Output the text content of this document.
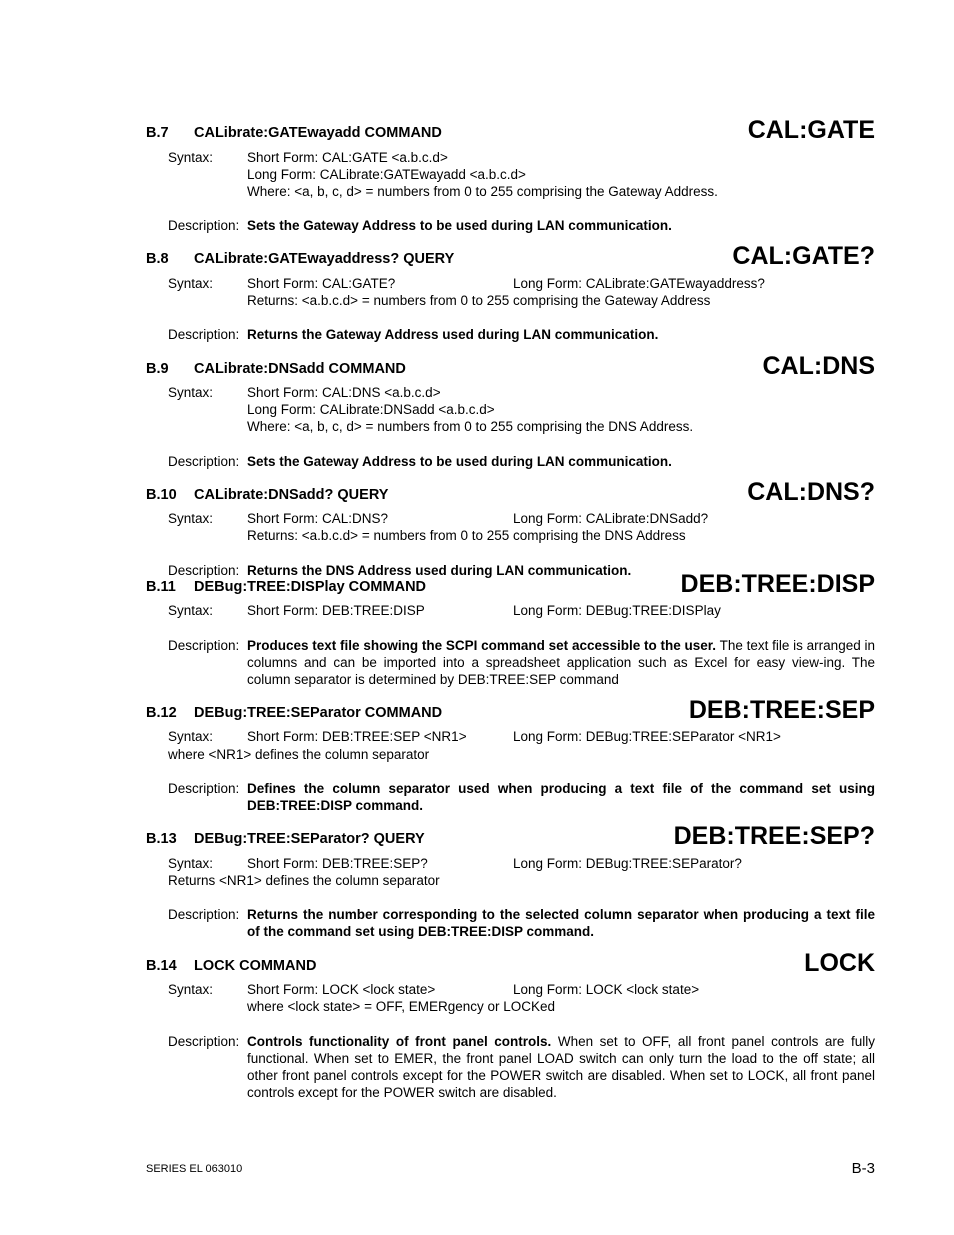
B.7 CALibrate:GATEwayadd COMMAND	CAL:GATE
Syntax:	Short Form: CAL:GATE <a.b.c.d>
Long Form: CALibrate:GATEwayadd <a.b.c.d>
Where: <a, b, c, d> = numbers from 0 to 255 comprising the Gateway Address.
Description: Sets the Gateway Address to be used during LAN communication.
B.8 CALibrate:GATEwayaddress? QUERY	CAL:GATE?
Syntax:	Short Form: CAL:GATE?	Long Form: CALibrate:GATEwayaddress?
Returns: <a.b.c.d> = numbers from 0 to 255 comprising the Gateway Address
Description: Returns the Gateway Address used during LAN communication.
B.9 CALibrate:DNSadd COMMAND	CAL:DNS
Syntax:	Short Form: CAL:DNS <a.b.c.d>
Long Form: CALibrate:DNSadd <a.b.c.d>
Where: <a, b, c, d> = numbers from 0 to 255 comprising the DNS Address.
Description: Sets the Gateway Address to be used during LAN communication.
B.10 CALibrate:DNSadd? QUERY	CAL:DNS?
Syntax:	Short Form: CAL:DNS?	Long Form: CALibrate:DNSadd?
Returns: <a.b.c.d> = numbers from 0 to 255 comprising the DNS Address
Description: Returns the DNS Address used during LAN communication.
B.11 DEBug:TREE:DISPlay COMMAND	DEB:TREE:DISP
Syntax:	Short Form: DEB:TREE:DISP	Long Form: DEBug:TREE:DISPlay
Description: Produces text file showing the SCPI command set accessible to the user. The text file is arranged in columns and can be imported into a spreadsheet application such as Excel for easy view-ing. The column separator is determined by DEB:TREE:SEP command
B.12 DEBug:TREE:SEParator COMMAND	DEB:TREE:SEP
Syntax:	Short Form: DEB:TREE:SEP <NR1>	Long Form: DEBug:TREE:SEParator <NR1>
where <NR1> defines the column separator
Description: Defines the column separator used when producing a text file of the command set using DEB:TREE:DISP command.
B.13 DEBug:TREE:SEParator? QUERY	DEB:TREE:SEP?
Syntax:	Short Form: DEB:TREE:SEP?	Long Form: DEBug:TREE:SEParator?
Returns <NR1> defines the column separator
Description: Returns the number corresponding to the selected column separator when producing a text file of the command set using DEB:TREE:DISP command.
B.14 LOCK COMMAND	LOCK
Syntax:	Short Form: LOCK <lock state>	Long Form: LOCK <lock state>
where <lock state> = OFF, EMERgency or LOCKed
Description: Controls functionality of front panel controls. When set to OFF, all front panel controls are fully functional. When set to EMER, the front panel LOAD switch can only turn the load to the off state; all other front panel controls except for the POWER switch are disabled. When set to LOCK, all front panel controls except for the POWER switch are disabled.
SERIES EL 063010	B-3
